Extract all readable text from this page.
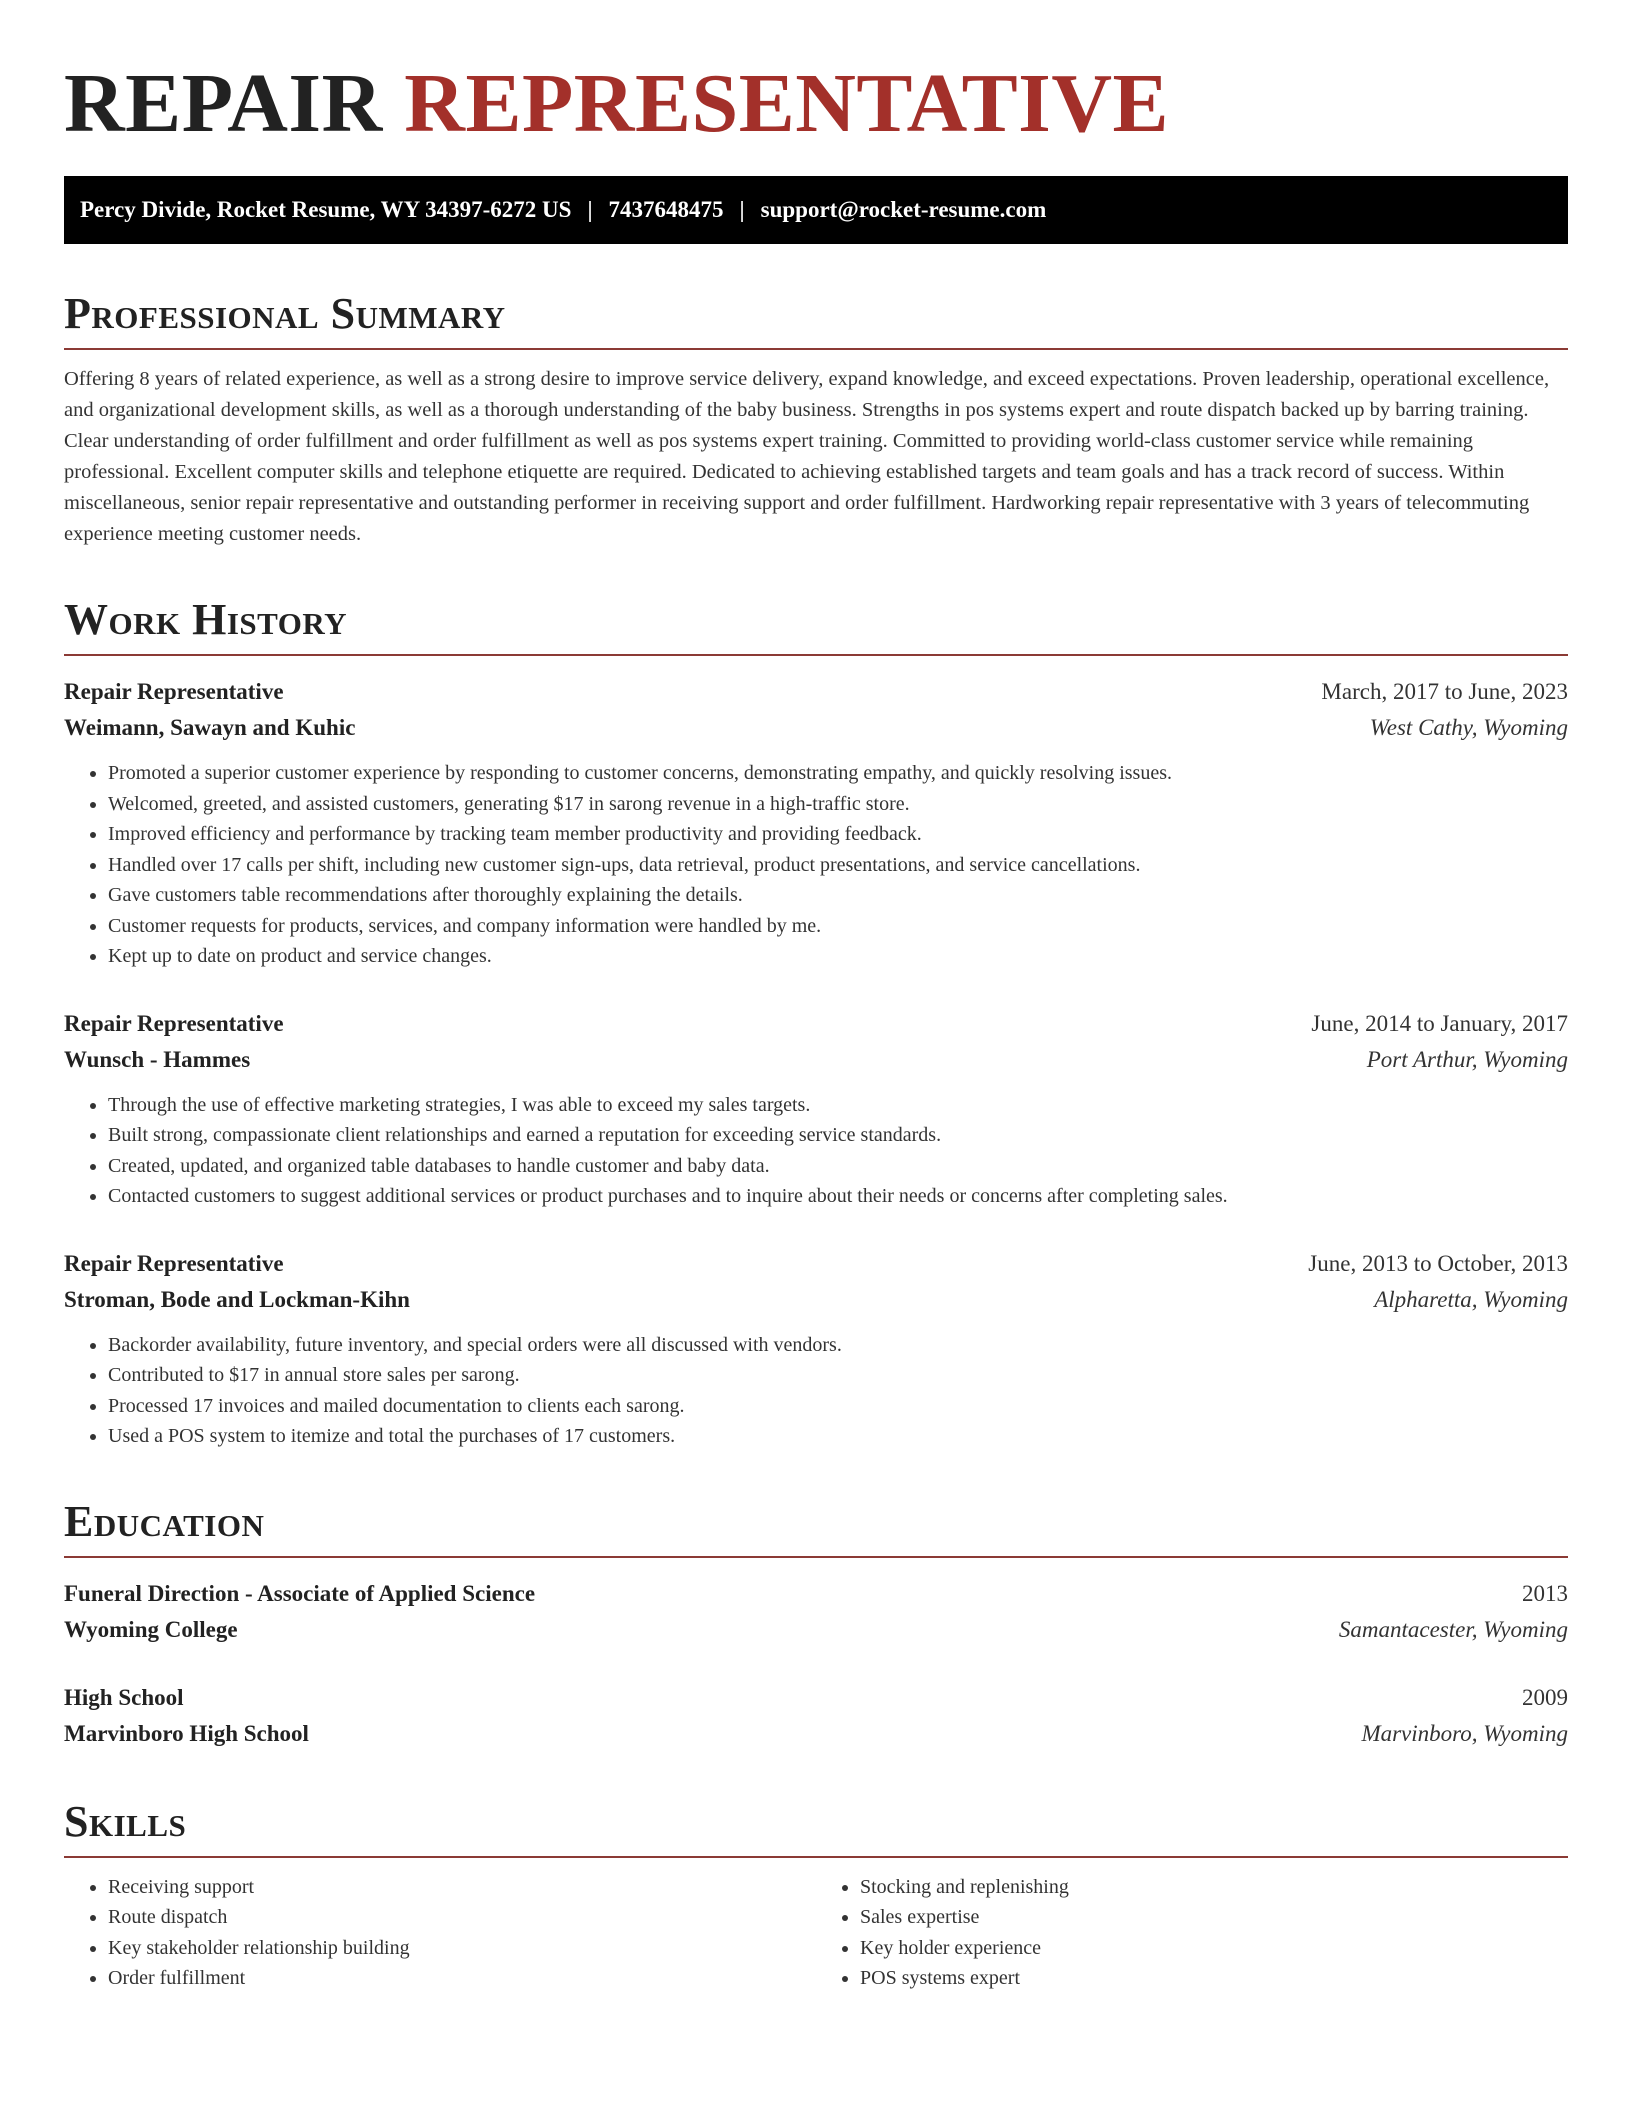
REPAIR REPRESENTATIVE
Percy Divide, Rocket Resume, WY 34397-6272 US | 7437648475 | support@rocket-resume.com
Professional Summary

Offering 8 years of related experience, as well as a strong desire to improve service delivery, expand knowledge, and exceed expectations. Proven leadership, operational excellence, and organizational development skills, as well as a thorough understanding of the baby business. Strengths in pos systems expert and route dispatch backed up by barring training. Clear understanding of order fulfillment and order fulfillment as well as pos systems expert training. Committed to providing world-class customer service while remaining professional. Excellent computer skills and telephone etiquette are required. Dedicated to achieving established targets and team goals and has a track record of success. Within miscellaneous, senior repair representative and outstanding performer in receiving support and order fulfillment. Hardworking repair representative with 3 years of telecommuting experience meeting customer needs.

Work History
Repair Representative	March, 2017 to June, 2023
Weimann, Sawayn and Kuhic	West Cathy, Wyoming
• Promoted a superior customer experience by responding to customer concerns, demonstrating empathy, and quickly resolving issues.
• Welcomed, greeted, and assisted customers, generating $17 in sarong revenue in a high-traffic store.
• Improved efficiency and performance by tracking team member productivity and providing feedback.
• Handled over 17 calls per shift, including new customer sign-ups, data retrieval, product presentations, and service cancellations.
• Gave customers table recommendations after thoroughly explaining the details.
• Customer requests for products, services, and company information were handled by me.
• Kept up to date on product and service changes.
Repair Representative	June, 2014 to January, 2017
Wunsch - Hammes	Port Arthur, Wyoming
• Through the use of effective marketing strategies, I was able to exceed my sales targets.
• Built strong, compassionate client relationships and earned a reputation for exceeding service standards.
• Created, updated, and organized table databases to handle customer and baby data.
• Contacted customers to suggest additional services or product purchases and to inquire about their needs or concerns after completing sales.
Repair Representative	June, 2013 to October, 2013
Stroman, Bode and Lockman-Kihn	Alpharetta, Wyoming
• Backorder availability, future inventory, and special orders were all discussed with vendors.
• Contributed to $17 in annual store sales per sarong.
• Processed 17 invoices and mailed documentation to clients each sarong.
• Used a POS system to itemize and total the purchases of 17 customers.
Education
Funeral Direction - Associate of Applied Science	2013
Wyoming College	Samantacester, Wyoming
High School	2009
Marvinboro High School	Marvinboro, Wyoming
Skills
• Receiving support
• Route dispatch
• Key stakeholder relationship building
• Order fulfillment
• Stocking and replenishing
• Sales expertise
• Key holder experience
• POS systems expert
